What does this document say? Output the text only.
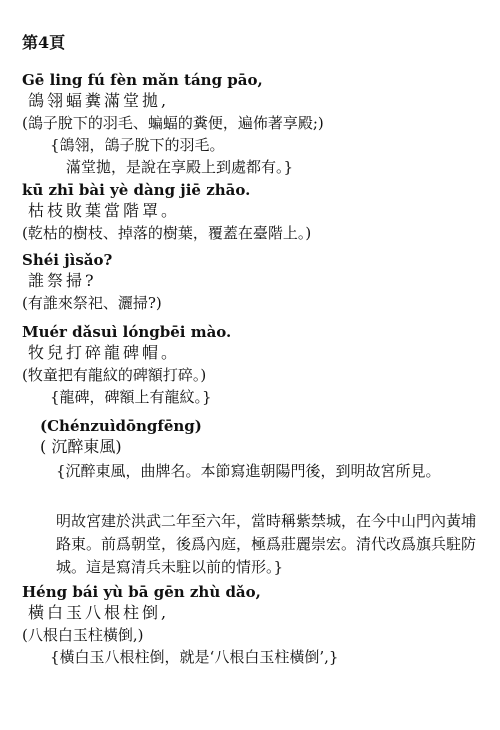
第4頁
Gē ling fú fèn mǎn táng pāo,
鴿翎蝠糞滿堂拋,
(鴿子脫下的羽毛、蝙蝠的糞便，遍佈著享殿;)
{鴿翎，鴿子脫下的羽毛。
滿堂拋，是說在享殿上到處都有。}
kū zhī bài yè dàng jiē zhāo.
枯枝敗葉當階罩。
(乾枯的樹枝、掉落的樹葉，覆蓋在臺階上。)
Shéi jìsǎo?
誰祭掃?
(有誰來祭祀、灑掃?)
Muér dǎsuì lóngbēi mào.
牧兒打碎龍碑帽。
(牧童把有龍紋的碑額打碎。)
{龍碑，碑額上有龍紋。}
(Chénzuìdōngfēng)
( 沉醉東風)
{沉醉東風，曲牌名。本節寫進朝陽門後，到明故宮所見。
明故宮建於洪武二年至六年，當時稱紫禁城，在今中山門內黃埔路東。前爲朝堂，後爲內庭，極爲莊麗崇宏。清代改爲旗兵駐防城。這是寫清兵未駐以前的情形。}
Héng bái yù bā gēn zhù dǎo,
橫白玉八根柱倒,
(八根白玉柱橫倒,)
{橫白玉八根柱倒，就是‘八根白玉柱橫倒’,}
